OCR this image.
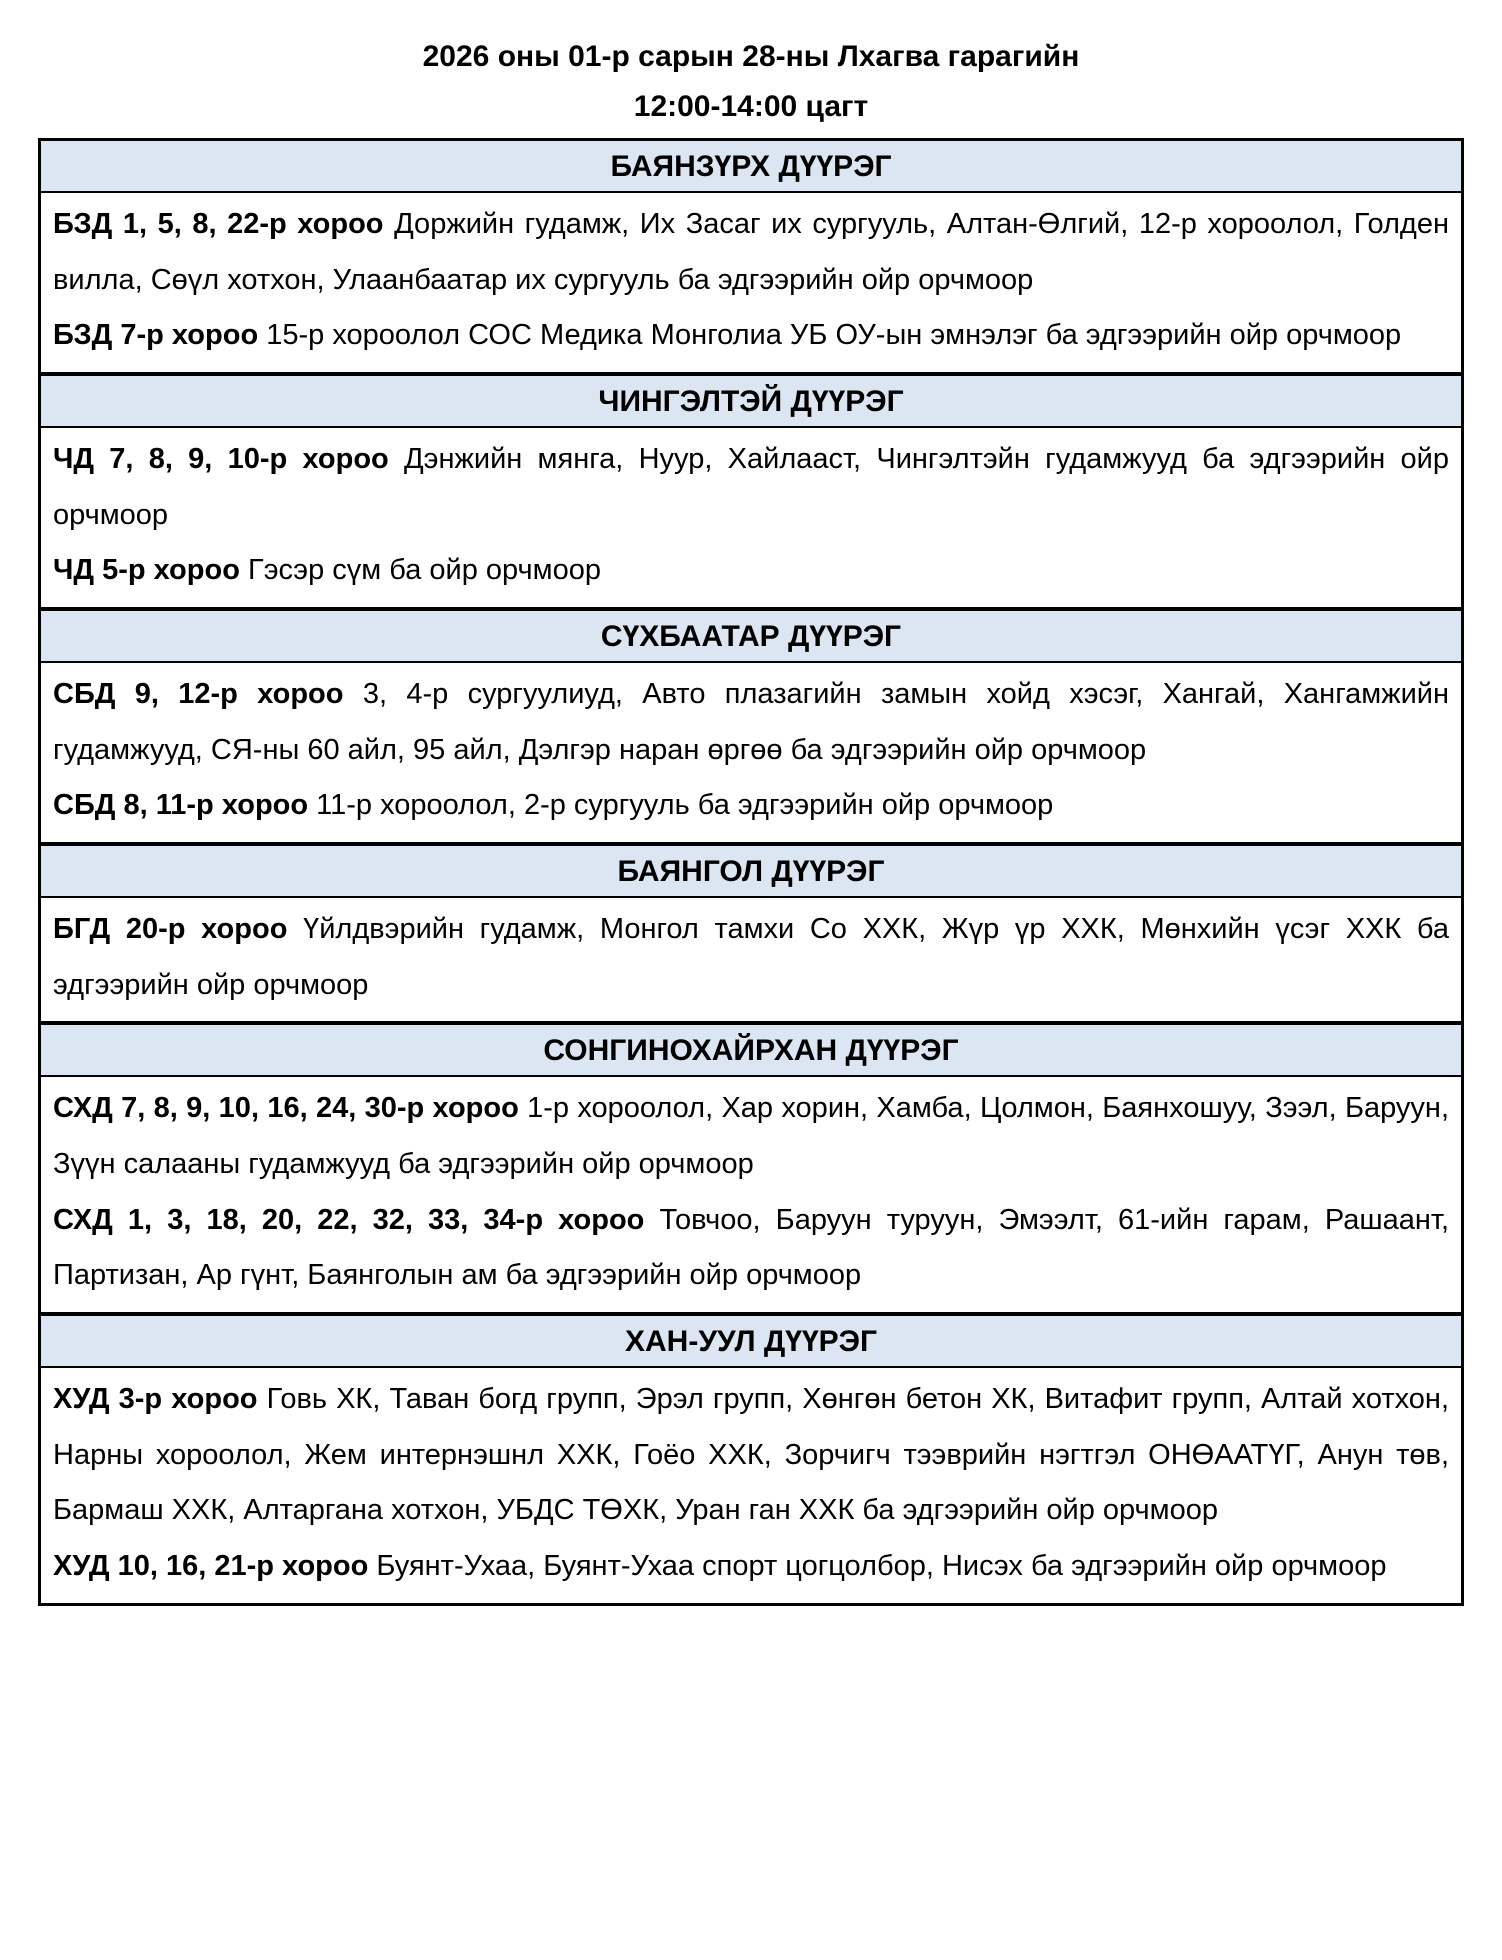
2026 оны 01-р сарын 28-ны Лхагва гарагийн
12:00-14:00 цагт
БАЯНЗҮРХ ДҮҮРЭГ

БЗД 1, 5, 8, 22-р хороо Доржийн гудамж, Их Засаг их сургууль, Алтан-Өлгий, 12-р хороолол, Голден вилла, Сөүл хотхон, Улаанбаатар их сургууль ба эдгээрийн ойр орчмоор

БЗД 7-р хороо 15-р хороолол СОС Медика Монголиа УБ ОУ-ын эмнэлэг ба эдгээрийн ойр орчмоор

ЧИНГЭЛТЭЙ ДҮҮРЭГ

ЧД 7, 8, 9, 10-р хороо Дэнжийн мянга, Нуур, Хайлааст, Чингэлтэйн гудамжууд ба эдгээрийн ойр орчмоор

ЧД 5-р хороо Гэсэр сүм ба ойр орчмоор

СҮХБААТАР ДҮҮРЭГ

СБД 9, 12-р хороо 3, 4-р сургуулиуд, Авто плазагийн замын хойд хэсэг, Хангай, Хангамжийн гудамжууд, СЯ-ны 60 айл, 95 айл, Дэлгэр наран өргөө ба эдгээрийн ойр орчмоор

СБД 8, 11-р хороо 11-р хороолол, 2-р сургууль ба эдгээрийн ойр орчмоор

БАЯНГОЛ ДҮҮРЭГ

БГД 20-р хороо Үйлдвэрийн гудамж, Монгол тамхи Со ХХК, Жүр үр ХХК, Мөнхийн үсэг ХХК ба эдгээрийн ойр орчмоор

СОНГИНОХАЙРХАН ДҮҮРЭГ

СХД 7, 8, 9, 10, 16, 24, 30-р хороо 1-р хороолол, Хар хорин, Хамба, Цолмон, Баянхошуу, Зээл, Баруун, Зүүн салааны гудамжууд ба эдгээрийн ойр орчмоор

СХД 1, 3, 18, 20, 22, 32, 33, 34-р хороо Товчоо, Баруун туруун, Эмээлт, 61-ийн гарам, Рашаант, Партизан, Ар гүнт, Баянголын ам ба эдгээрийн ойр орчмоор

ХАН-УУЛ ДҮҮРЭГ

ХУД 3-р хороо Говь ХК, Таван богд групп, Эрэл групп, Хөнгөн бетон ХК, Витафит групп, Алтай хотхон, Нарны хороолол, Жем интернэшнл ХХК, Гоёо ХХК, Зорчигч тээврийн нэгтгэл ОНӨААТҮГ, Анун төв, Бармаш ХХК, Алтаргана хотхон, УБДС ТӨХК, Уран ган ХХК ба эдгээрийн ойр орчмоор

ХУД 10, 16, 21-р хороо Буянт-Ухаа, Буянт-Ухаа спорт цогцолбор, Нисэх ба эдгээрийн ойр орчмоор
